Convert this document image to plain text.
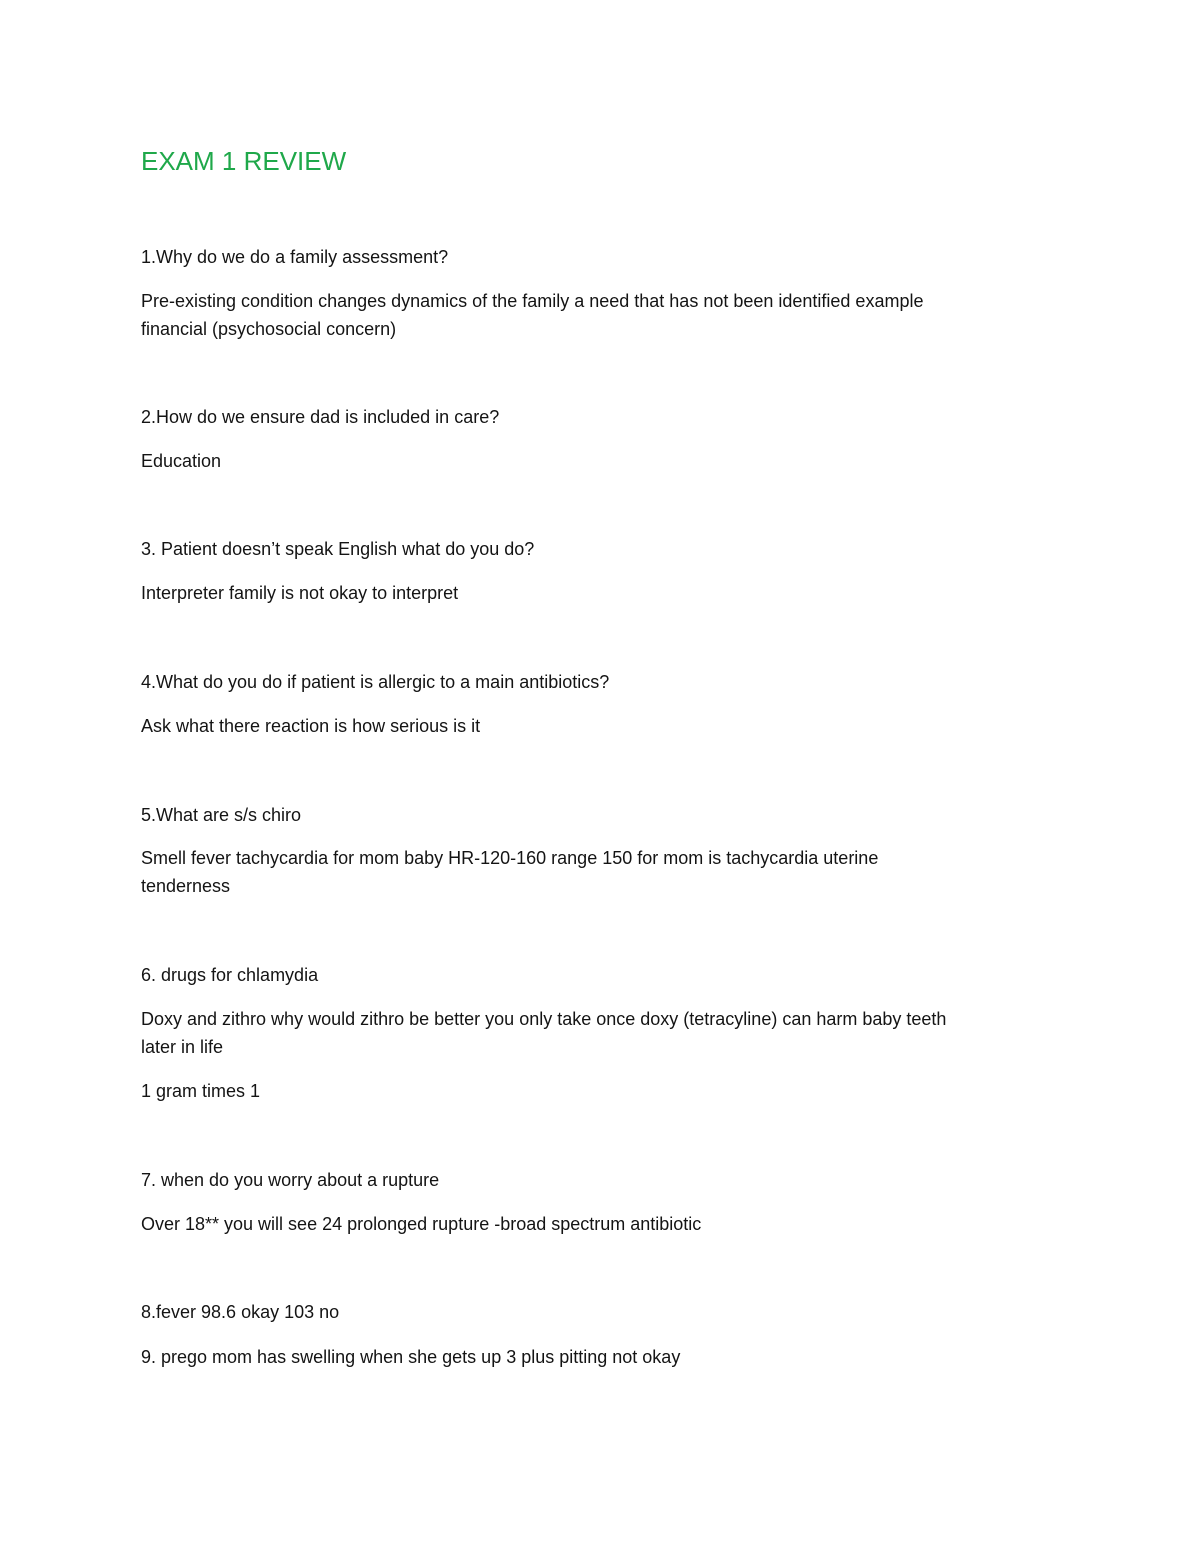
EXAM 1 REVIEW

1.Why do we do a family assessment?

Pre-existing condition changes dynamics of the family a need that has not been identified example

financial (psychosocial concern)

2.How do we ensure dad is included in care?

Education

3. Patient doesn’t speak English what do you do?

Interpreter family is not okay to interpret

4.What do you do if patient is allergic to a main antibiotics?

Ask what there reaction is how serious is it

5.What are s/s chiro

Smell fever tachycardia for mom baby HR-120-160 range 150 for mom is tachycardia uterine

tenderness

6. drugs for chlamydia

Doxy and zithro why would zithro be better you only take once doxy (tetracyline) can harm baby teeth

later in life

1 gram times 1

7. when do you worry about a rupture

Over 18** you will see 24 prolonged rupture -broad spectrum antibiotic

8.fever 98.6 okay 103 no

9. prego mom has swelling when she gets up 3 plus pitting not okay
